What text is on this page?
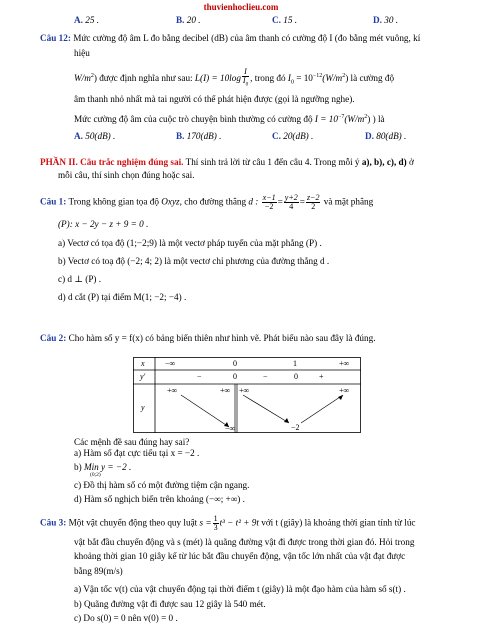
thuvienhoclieu.com
A. 25 .	B. 20 .	C. 15 .	D. 30 .
Câu 12: Mức cường độ âm L đo bằng decibel (dB) của âm thanh có cường độ I (đo bằng mét vuông, kí
hiệu
$W/m^2$) được định nghĩa như sau: $L(I) = 10\log \frac{I}{I_0}$ , trong đó $I_0 = 10^{-12}(W/m^2)$ là cường độ
âm thanh nhỏ nhất mà tai người có thể phát hiện được (gọi là ngưỡng nghe).
Mức cường độ âm của cuộc trò chuyện bình thường có cường độ $I = 10^{-7}(W/m^2)$ ) là
A. 50(dB) .	B. 170(dB) .	C. 20(dB) .	D. 80(dB) .
PHẦN II. Câu trắc nghiệm đúng sai. Thí sinh trả lời từ câu 1 đến câu 4. Trong mỗi ý a), b), c), d) ở
mỗi câu, thí sinh chọn đúng hoặc sai.
Câu 1: Trong không gian tọa độ Oxyz, cho đường thẳng d : $\frac{x-1}{-2} = \frac{y+2}{4} = \frac{z-2}{2}$ và mặt phẳng
(P): x − 2y − z + 9 = 0 .
a) Vectơ có tọa độ (1;−2;9) là một vectơ pháp tuyến của mặt phẳng (P) .
b) Vectơ có toạ độ (−2; 4; 2) là một vectơ chỉ phương của đường thẳng d .
c) d ⊥ (P) .
d) d cắt (P) tại điểm M(1; −2; −4) .
Câu 2: Cho hàm số y = f(x) có bảng biến thiên như hình vẽ. Phát biểu nào sau đây là đúng.
x	−∞	0	1	+∞
y'	−	0	−	0	+
y
+∞	+∞ +∞	+∞
−∞	−2
Các mệnh đề sau đúng hay sai?
a) Hàm số đạt cực tiểu tại x = −2 .
b) Min y = −2 .
(0;2)
c) Đồ thị hàm số có một đường tiệm cận ngang.
d) Hàm số nghịch biến trên khoảng (−∞; +∞) .
Câu 3: Một vật chuyển động theo quy luật $s = \frac{1}{3} t^3 - t^2 + 9t$ với t (giây) là khoảng thời gian tính từ lúc
vật bắt đầu chuyển động và s (mét) là quãng đường vật đi được trong thời gian đó. Hỏi trong
khoảng thời gian 10 giây kể từ lúc bắt đầu chuyển động, vận tốc lớn nhất của vật đạt được
bằng 89(m/s)
a) Vận tốc v(t) của vật chuyển động tại thời điểm t (giây) là một đạo hàm của hàm số s(t) .
b) Quãng đường vật đi được sau 12 giây là 540 mét.
c) Do s(0) = 0 nên v(0) = 0 .
